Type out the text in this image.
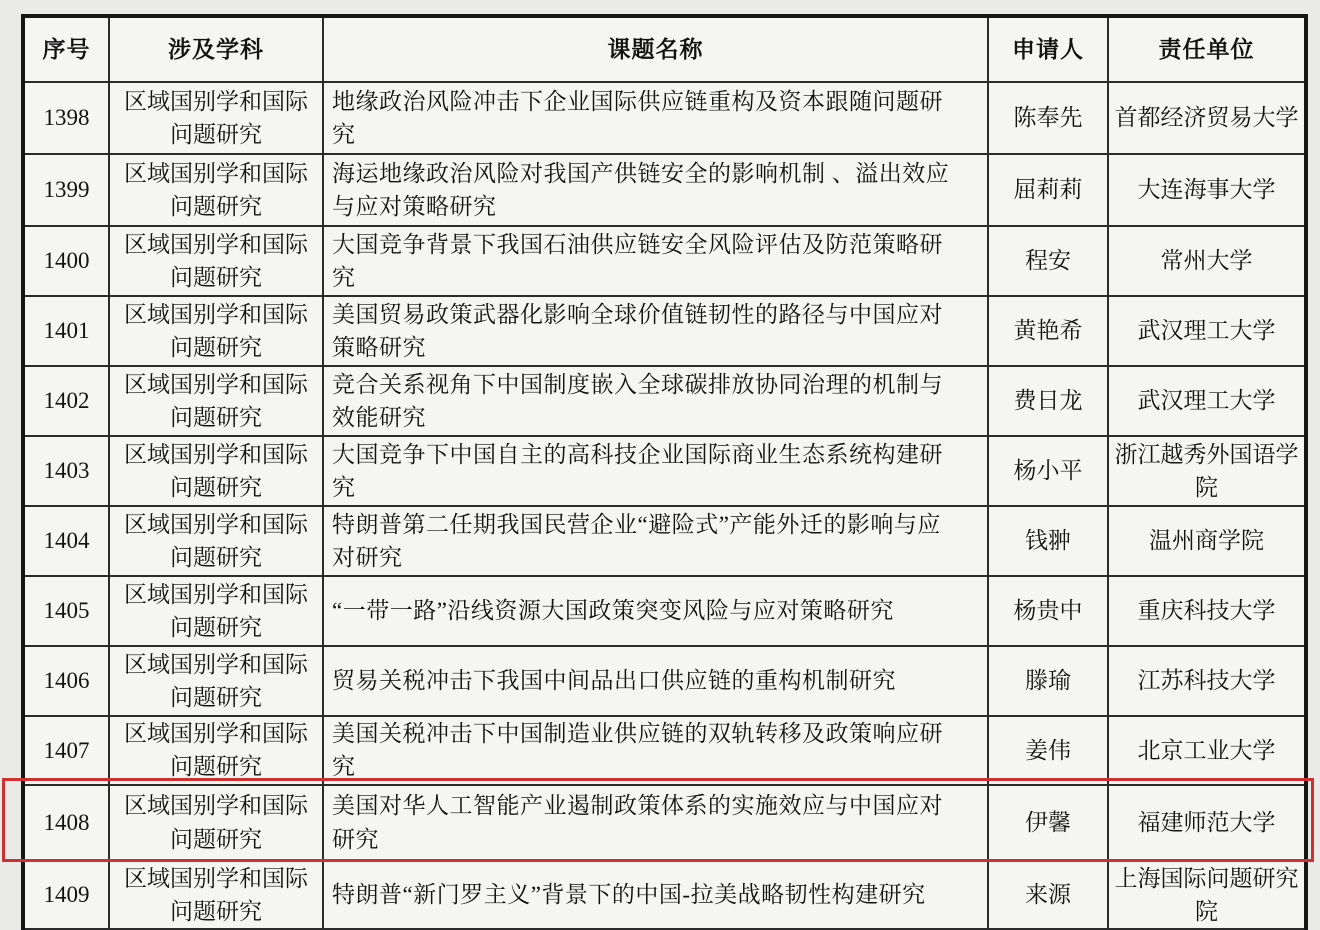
序号	涉及学科	课题名称	申请人	责任单位
1398	区域国别学和国际问题研究	地缘政治风险冲击下企业国际供应链重构及资本跟随问题研究	陈奉先	首都经济贸易大学
1399	区域国别学和国际问题研究	海运地缘政治风险对我国产供链安全的影响机制 、溢出效应与应对策略研究	屈莉莉	大连海事大学
1400	区域国别学和国际问题研究	大国竞争背景下我国石油供应链安全风险评估及防范策略研究	程安	常州大学
1401	区域国别学和国际问题研究	美国贸易政策武器化影响全球价值链韧性的路径与中国应对策略研究	黄艳希	武汉理工大学
1402	区域国别学和国际问题研究	竞合关系视角下中国制度嵌入全球碳排放协同治理的机制与效能研究	费日龙	武汉理工大学
1403	区域国别学和国际问题研究	大国竞争下中国自主的高科技企业国际商业生态系统构建研究	杨小平	浙江越秀外国语学院
1404	区域国别学和国际问题研究	特朗普第二任期我国民营企业“避险式”产能外迁的影响与应对研究	钱翀	温州商学院
1405	区域国别学和国际问题研究	“一带一路”沿线资源大国政策突变风险与应对策略研究	杨贵中	重庆科技大学
1406	区域国别学和国际问题研究	贸易关税冲击下我国中间品出口供应链的重构机制研究	滕瑜	江苏科技大学
1407	区域国别学和国际问题研究	美国关税冲击下中国制造业供应链的双轨转移及政策响应研究	姜伟	北京工业大学
1408	区域国别学和国际问题研究	美国对华人工智能产业遏制政策体系的实施效应与中国应对研究	伊馨	福建师范大学
1409	区域国别学和国际问题研究	特朗普“新门罗主义”背景下的中国-拉美战略韧性构建研究	来源	上海国际问题研究院
